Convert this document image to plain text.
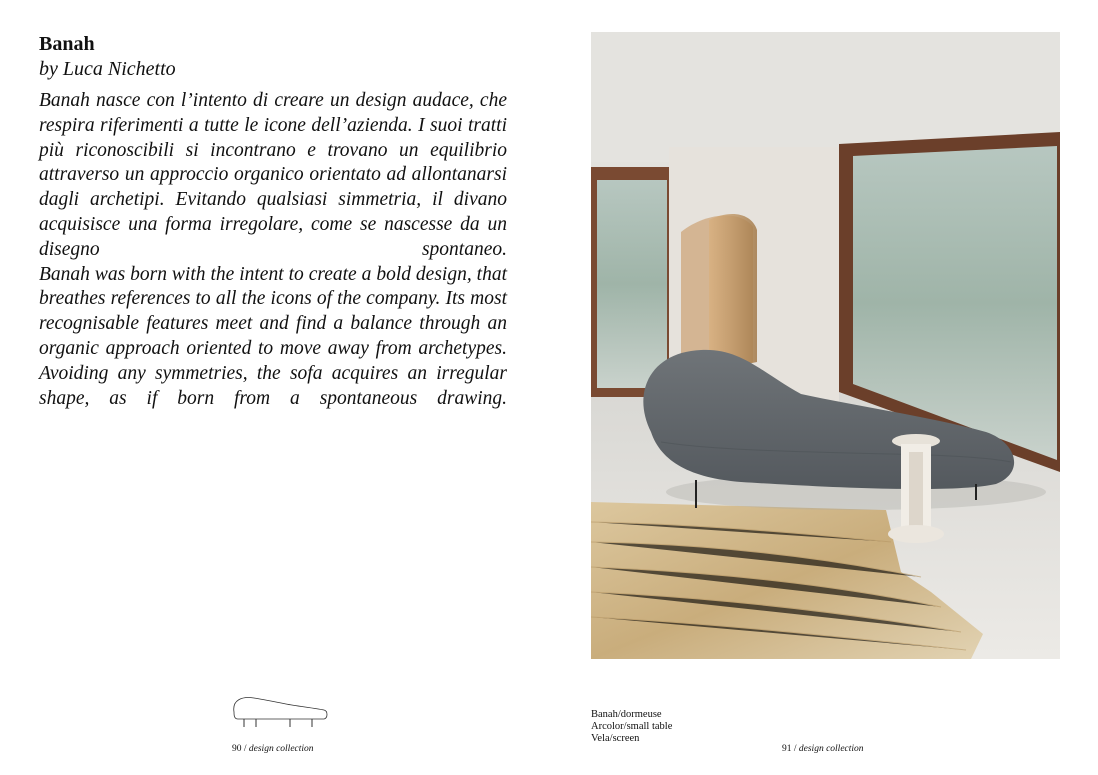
Banah
by Luca Nichetto

Banah nasce con l’intento di creare un design audace, che respira riferimenti a tutte le icone dell’azienda. I suoi tratti più riconoscibili si incontrano e trovano un equilibrio attraverso un approccio organico orientato ad allontanarsi dagli archetipi. Evitando qualsiasi simmetria, il divano acquisisce una forma irregolare, come se nascesse da un disegno spontaneo.

Banah was born with the intent to create a bold design, that breathes references to all the icons of the company. Its most recognisable features meet and find a balance through an organic approach oriented to move away from archetypes. Avoiding any symmetries, the sofa acquires an irregular shape, as if born from a spontaneous drawing.

90 / design collection
Banah/dormeuse
Arcolor/small table
Vela/screen
91 / design collection
